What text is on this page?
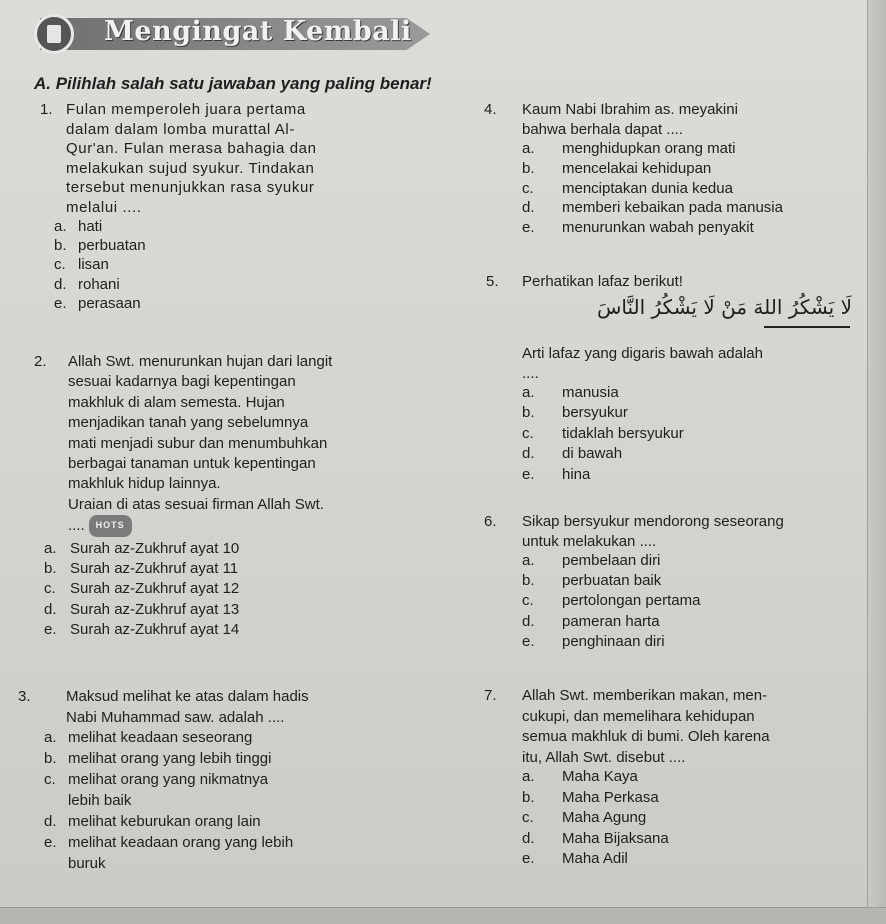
Mengingat Kembali
A. Pilihlah salah satu jawaban yang paling benar!
1. Fulan memperoleh juara pertama
dalam dalam lomba murattal Al-
Qur'an. Fulan merasa bahagia dan
melakukan sujud syukur. Tindakan
tersebut menunjukkan rasa syukur
melalui ....
a. hati
b. perbuatan
c. lisan
d. rohani
e. perasaan
2. Allah Swt. menurunkan hujan dari langit
sesuai kadarnya bagi kepentingan
makhluk di alam semesta. Hujan
menjadikan tanah yang sebelumnya
mati menjadi subur dan menumbuhkan
berbagai tanaman untuk kepentingan
makhluk hidup lainnya.
Uraian di atas sesuai firman Allah Swt.
.... HOTS
a. Surah az-Zukhruf ayat 10
b. Surah az-Zukhruf ayat 11
c. Surah az-Zukhruf ayat 12
d. Surah az-Zukhruf ayat 13
e. Surah az-Zukhruf ayat 14
3. Maksud melihat ke atas dalam hadis
Nabi Muhammad saw. adalah ....
a. melihat keadaan seseorang
b. melihat orang yang lebih tinggi
c. melihat orang yang nikmatnya
lebih baik
d. melihat keburukan orang lain
e. melihat keadaan orang yang lebih
buruk
4. Kaum Nabi Ibrahim as. meyakini
bahwa berhala dapat ....
a. menghidupkan orang mati
b. mencelakai kehidupan
c. menciptakan dunia kedua
d. memberi kebaikan pada manusia
e. menurunkan wabah penyakit
5. Perhatikan lafaz berikut!
لَا يَشْكُرُ اللهَ مَنْ لَا يَشْكُرُ النَّاسَ
Arti lafaz yang digaris bawah adalah
....
a. manusia
b. bersyukur
c. tidaklah bersyukur
d. di bawah
e. hina
6. Sikap bersyukur mendorong seseorang
untuk melakukan ....
a. pembelaan diri
b. perbuatan baik
c. pertolongan pertama
d. pameran harta
e. penghinaan diri
7. Allah Swt. memberikan makan, men-
cukupi, dan memelihara kehidupan
semua makhluk di bumi. Oleh karena
itu, Allah Swt. disebut ....
a. Maha Kaya
b. Maha Perkasa
c. Maha Agung
d. Maha Bijaksana
e. Maha Adil
